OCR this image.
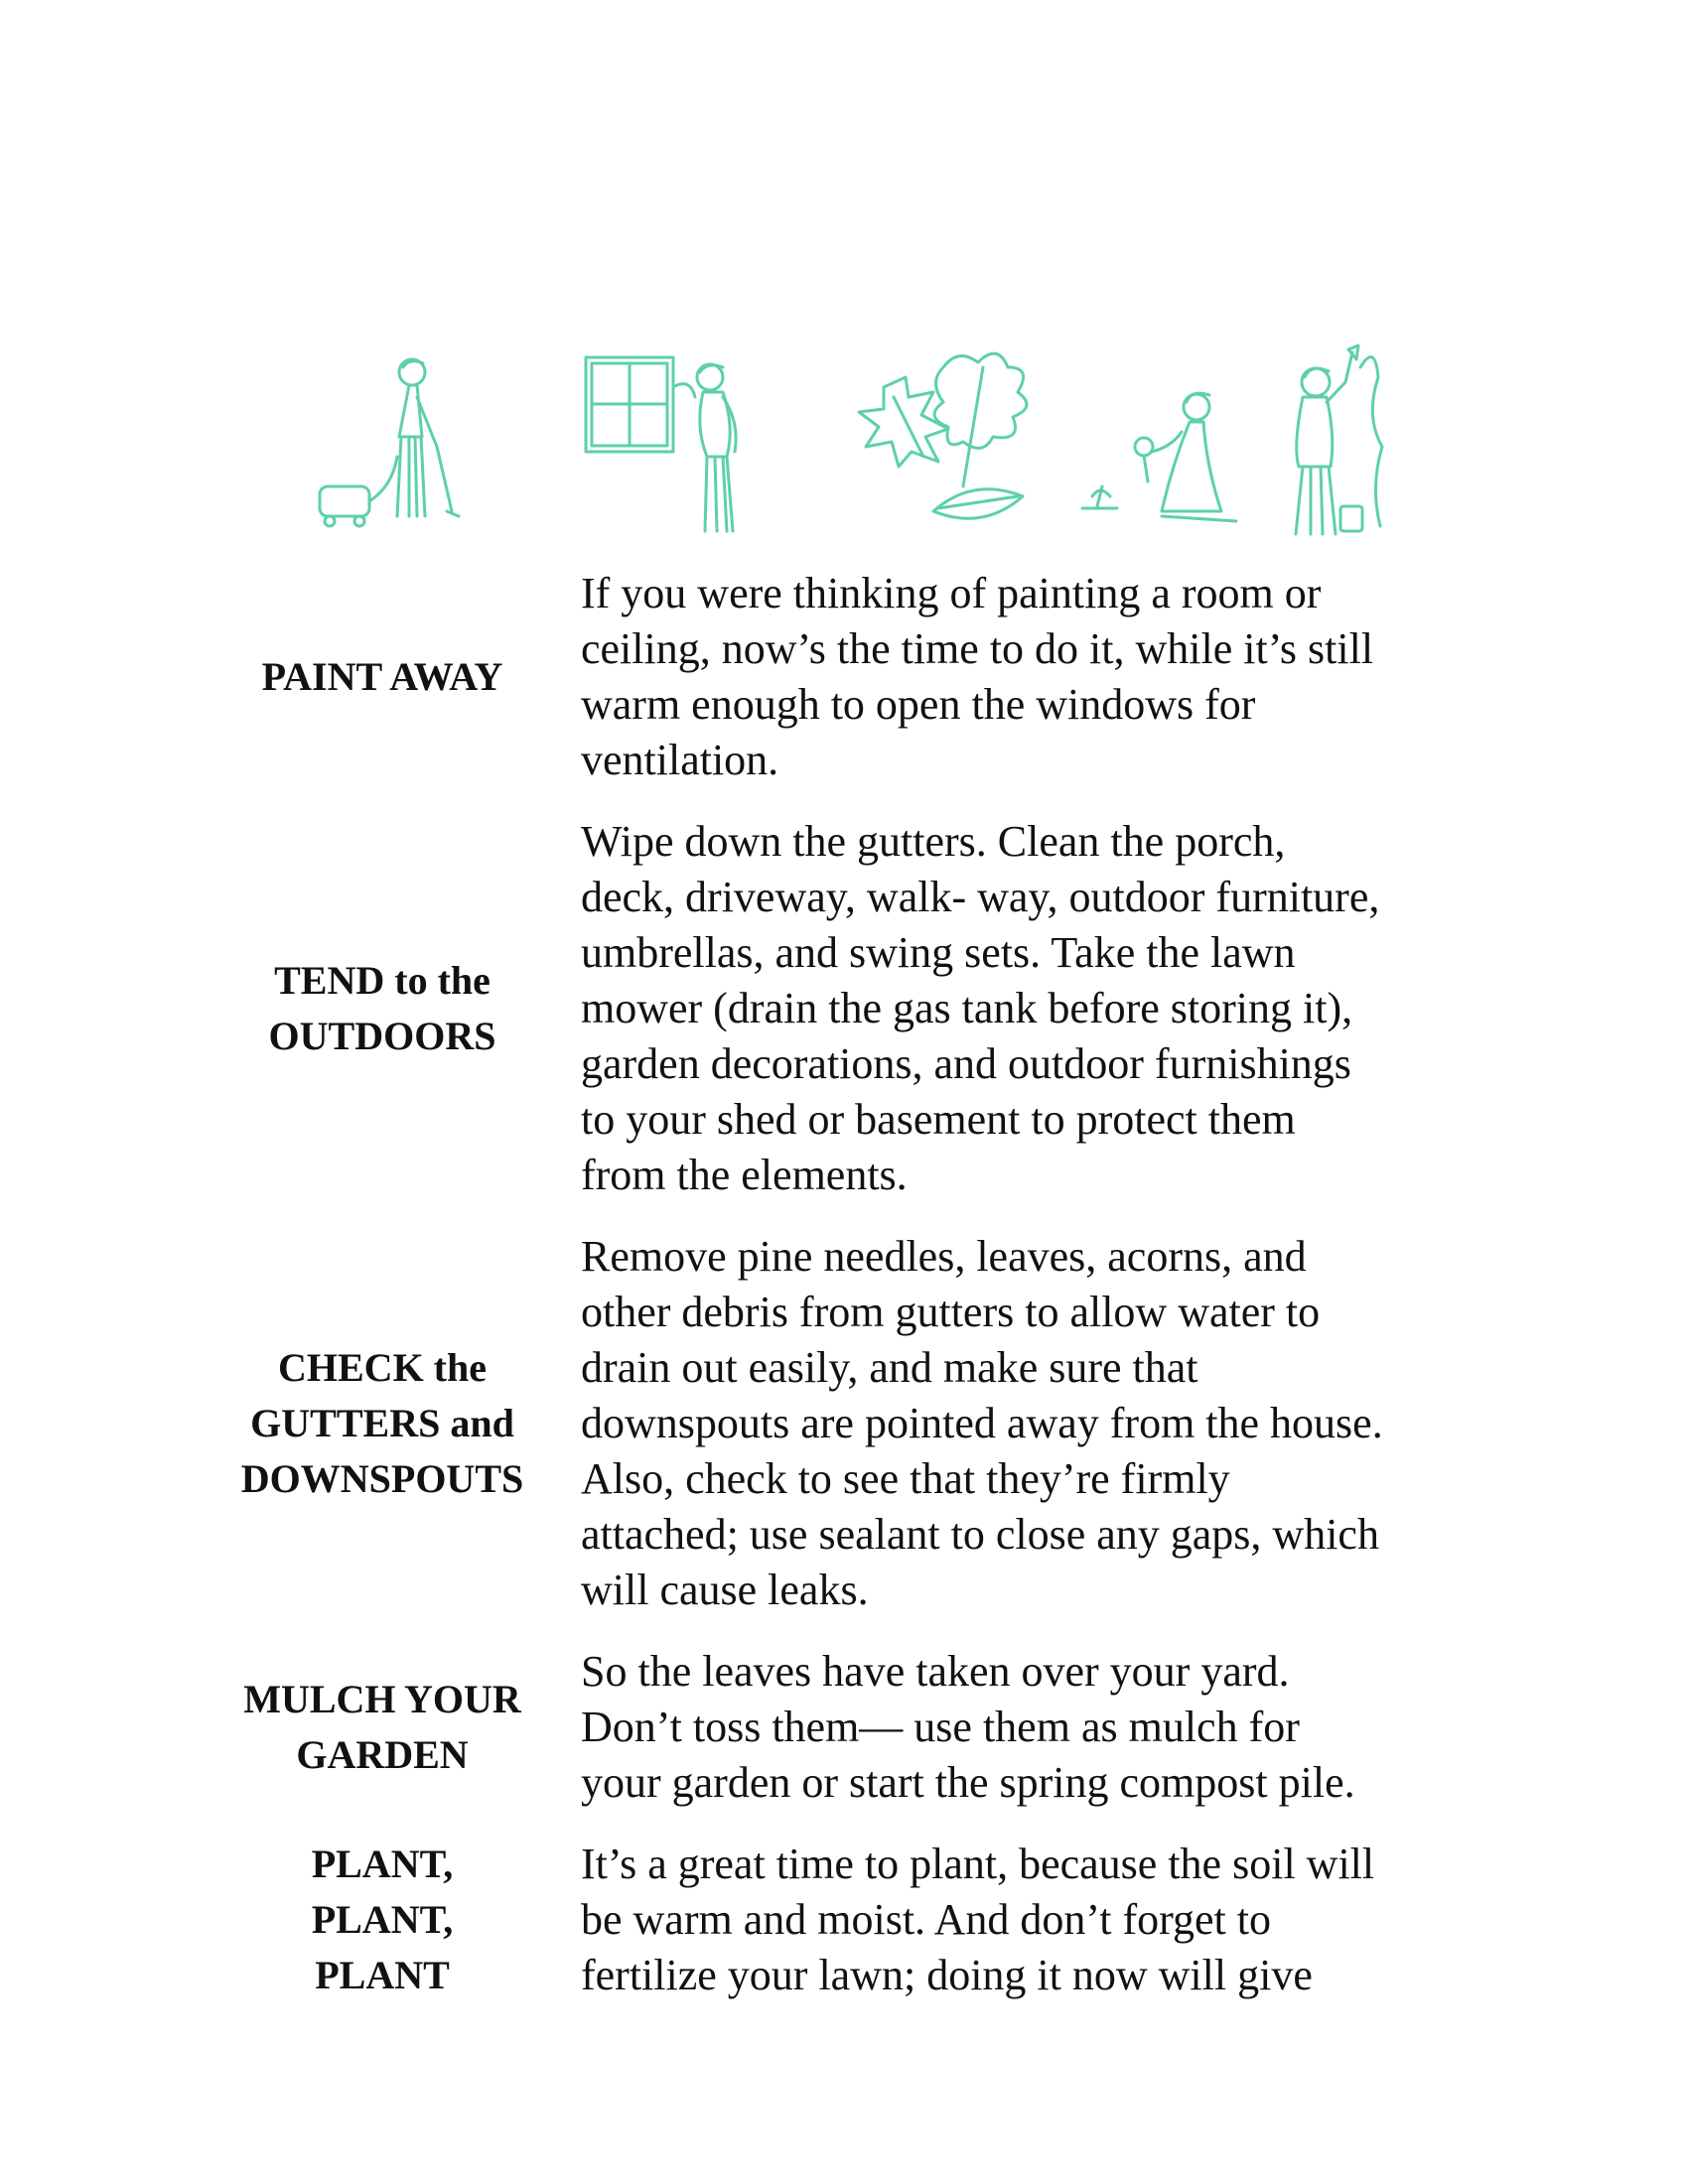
PAINT AWAY
If you were thinking of painting a room or
ceiling, now’s the time to do it, while it’s still
warm enough to open the windows for
ventilation.
TEND to the
OUTDOORS
Wipe down the gutters. Clean the porch,
deck, driveway, walk- way, outdoor furniture,
umbrellas, and swing sets. Take the lawn
mower (drain the gas tank before storing it),
garden decorations, and outdoor furnishings
to your shed or basement to protect them
from the elements.
CHECK the
GUTTERS and
DOWNSPOUTS
Remove pine needles, leaves, acorns, and
other debris from gutters to allow water to
drain out easily, and make sure that
downspouts are pointed away from the house.
Also, check to see that they’re firmly
attached; use sealant to close any gaps, which
will cause leaks.
MULCH YOUR
GARDEN
So the leaves have taken over your yard.
Don’t toss them— use them as mulch for
your garden or start the spring compost pile.
PLANT,
PLANT,
PLANT
It’s a great time to plant, because the soil will
be warm and moist. And don’t forget to
fertilize your lawn; doing it now will give
